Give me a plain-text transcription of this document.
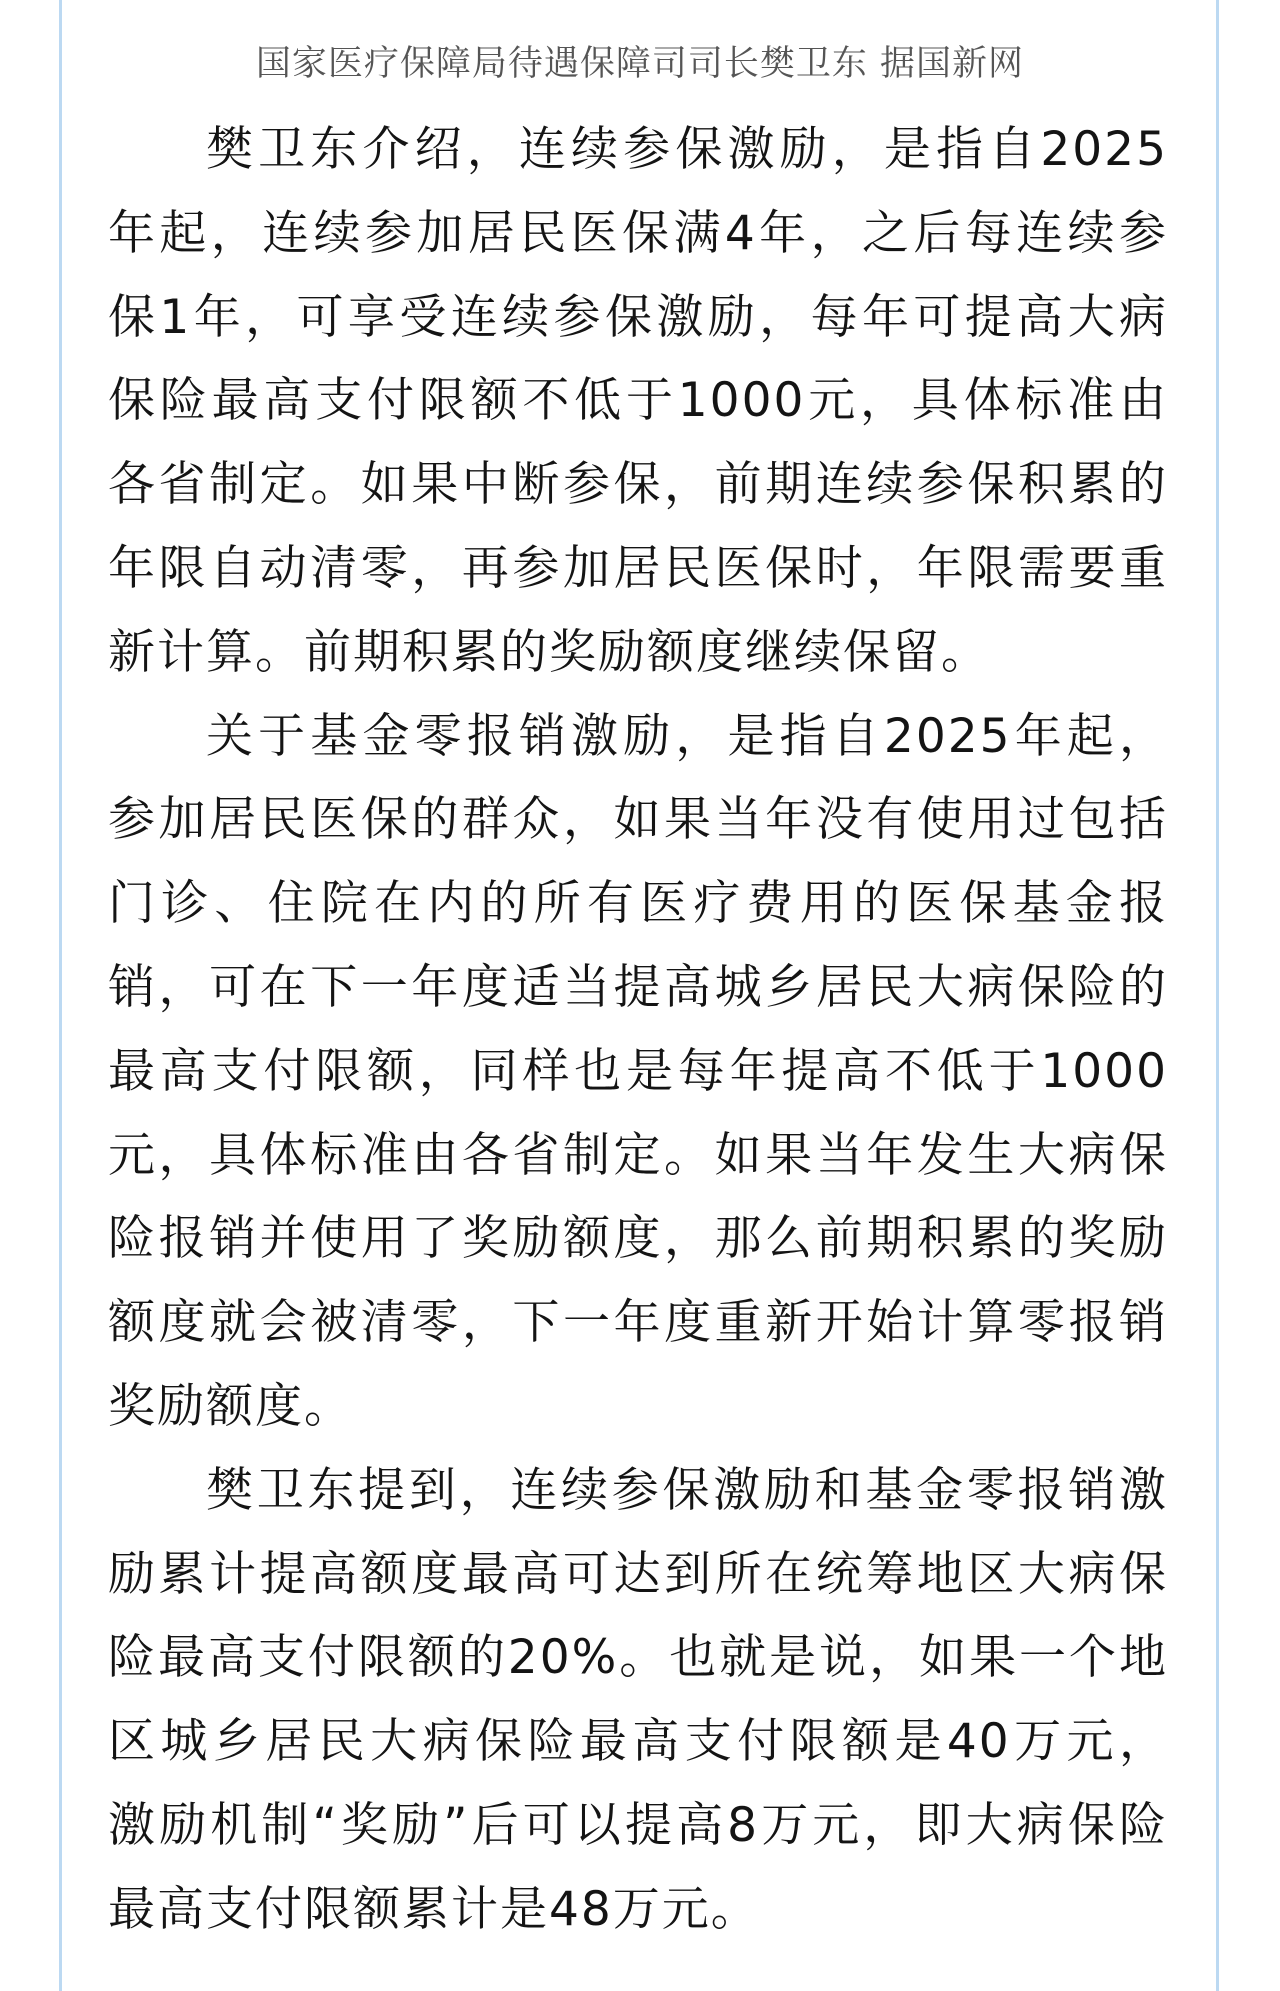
国家医疗保障局待遇保障司司长樊卫东 据国新网
樊卫东介绍，连续参保激励，是指自2025
年起，连续参加居民医保满4年，之后每连续参
保1年，可享受连续参保激励，每年可提高大病
保险最高支付限额不低于1000元，具体标准由
各省制定。如果中断参保，前期连续参保积累的
年限自动清零，再参加居民医保时，年限需要重
新计算。前期积累的奖励额度继续保留。
关于基金零报销激励，是指自2025年起，
参加居民医保的群众，如果当年没有使用过包括
门诊、住院在内的所有医疗费用的医保基金报
销，可在下一年度适当提高城乡居民大病保险的
最高支付限额，同样也是每年提高不低于1000
元，具体标准由各省制定。如果当年发生大病保
险报销并使用了奖励额度，那么前期积累的奖励
额度就会被清零，下一年度重新开始计算零报销
奖励额度。
樊卫东提到，连续参保激励和基金零报销激
励累计提高额度最高可达到所在统筹地区大病保
险最高支付限额的20%。也就是说，如果一个地
区城乡居民大病保险最高支付限额是40万元，
激励机制“奖励”后可以提高8万元，即大病保险
最高支付限额累计是48万元。
